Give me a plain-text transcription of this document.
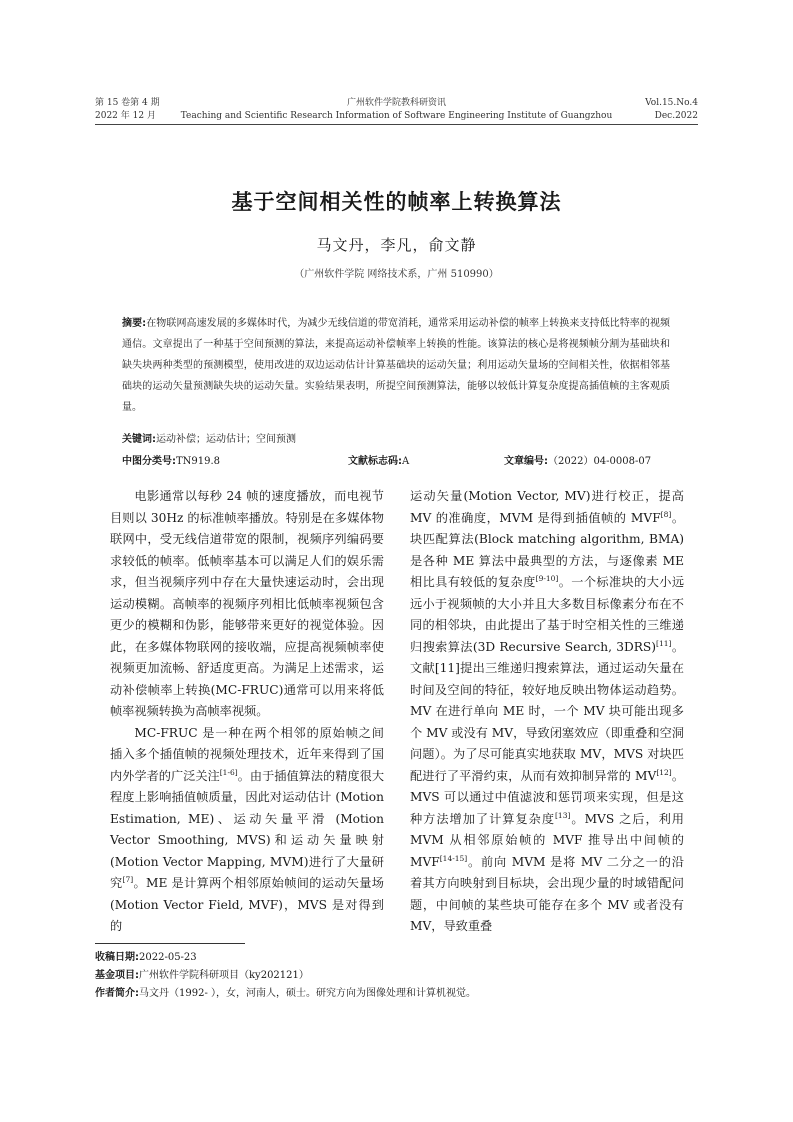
第 15 卷第 4 期
2022 年 12 月
广州软件学院教科研资讯
Teaching and Scientific Research Information of Software Engineering Institute of Guangzhou
Vol.15.No.4
Dec.2022
基于空间相关性的帧率上转换算法
马文丹，李凡，俞文静
（广州软件学院 网络技术系，广州 510990）
摘要:在物联网高速发展的多媒体时代，为减少无线信道的带宽消耗，通常采用运动补偿的帧率上转换来支持低比特率的视频通信。文章提出了一种基于空间预测的算法，来提高运动补偿帧率上转换的性能。该算法的核心是将视频帧分割为基础块和缺失块两种类型的预测模型，使用改进的双边运动估计计算基础块的运动矢量；利用运动矢量场的空间相关性，依据相邻基础块的运动矢量预测缺失块的运动矢量。实验结果表明，所提空间预测算法，能够以较低计算复杂度提高插值帧的主客观质量。
关键词:运动补偿；运动估计；空间预测
中图分类号:TN919.8	文献标志码:A	文章编号:（2022）04-0008-07

电影通常以每秒 24 帧的速度播放，而电视节目则以 30Hz 的标准帧率播放。特别是在多媒体物联网中，受无线信道带宽的限制，视频序列编码要求较低的帧率。低帧率基本可以满足人们的娱乐需求，但当视频序列中存在大量快速运动时，会出现运动模糊。高帧率的视频序列相比低帧率视频包含更少的模糊和伪影，能够带来更好的视觉体验。因此，在多媒体物联网的接收端，应提高视频帧率使视频更加流畅、舒适度更高。为满足上述需求，运动补偿帧率上转换(MC-FRUC)通常可以用来将低帧率视频转换为高帧率视频。

MC-FRUC 是一种在两个相邻的原始帧之间插入多个插值帧的视频处理技术，近年来得到了国内外学者的广泛关注[1-6]。由于插值算法的精度很大程度上影响插值帧质量，因此对运动估计 (Motion Estimation, ME)、运动矢量平滑 (Motion Vector Smoothing, MVS)和运动矢量映射(Motion Vector Mapping, MVM)进行了大量研究[7]。ME 是计算两个相邻原始帧间的运动矢量场(Motion Vector Field, MVF)，MVS 是对得到的

运动矢量(Motion Vector, MV)进行校正，提高 MV 的准确度，MVM 是得到插值帧的 MVF[8]。块匹配算法(Block matching algorithm, BMA)是各种 ME 算法中最典型的方法，与逐像素 ME 相比具有较低的复杂度[9-10]。一个标准块的大小远远小于视频帧的大小并且大多数目标像素分布在不同的相邻块，由此提出了基于时空相关性的三维递归搜索算法(3D Recursive Search, 3DRS)[11]。文献[11]提出三维递归搜索算法，通过运动矢量在时间及空间的特征，较好地反映出物体运动趋势。MV 在进行单向 ME 时，一个 MV 块可能出现多个 MV 或没有 MV，导致闭塞效应（即重叠和空洞问题）。为了尽可能真实地获取 MV，MVS 对块匹配进行了平滑约束，从而有效抑制异常的 MV[12]。MVS 可以通过中值滤波和惩罚项来实现，但是这种方法增加了计算复杂度[13]。MVS 之后，利用 MVM 从相邻原始帧的 MVF 推导出中间帧的 MVF[14-15]。前向 MVM 是将 MV 二分之一的沿着其方向映射到目标块，会出现少量的时域错配问题，中间帧的某些块可能存在多个 MV 或者没有 MV，导致重叠

收稿日期:2022-05-23
基金项目:广州软件学院科研项目（ky202121）
作者简介:马文丹（1992- ），女，河南人，硕士。研究方向为图像处理和计算机视觉。
